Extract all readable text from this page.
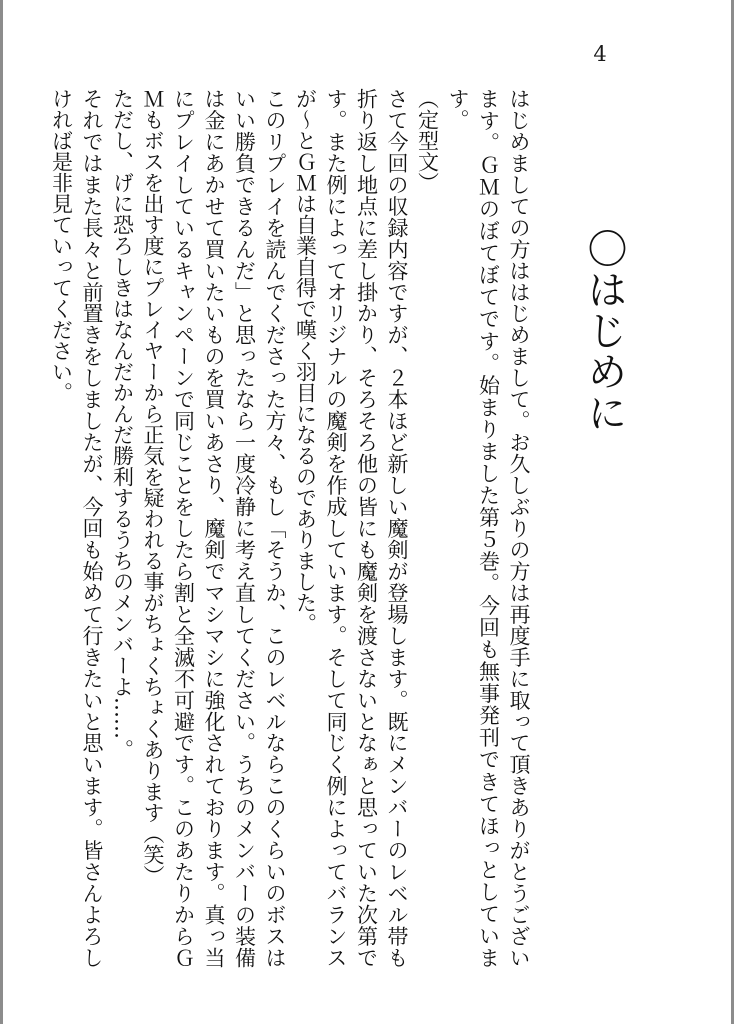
4
〇はじめに

はじめましての方ははじめまして。お久しぶりの方は再度手に取って頂きありがとうございます。ＧＭのぼてぼてです。始まりました第５巻。今回も無事発刊できてほっとしています。

（定型文）

さて今回の収録内容ですが、２本ほど新しい魔剣が登場します。既にメンバーのレベル帯も折り返し地点に差し掛かり、そろそろ他の皆にも魔剣を渡さないとなぁと思っていた次第です。また例によってオリジナルの魔剣を作成しています。そして同じく例によってバランスが～とＧＭは自業自得で嘆く羽目になるのでありました。

このリプレイを読んでくださった方々、もし「そうか、このレベルならこのくらいのボスはいい勝負できるんだ」と思ったなら一度冷静に考え直してください。うちのメンバーの装備は金にあかせて買いたいものを買いあさり、魔剣でマシマシに強化されております。真っ当にプレイしているキャンペーンで同じことをしたら割と全滅不可避です。このあたりからＧＭもボスを出す度にプレイヤーから正気を疑われる事がちょくちょくあります（笑）

ただし、げに恐ろしきはなんだかんだ勝利するうちのメンバーよ……。

それではまた長々と前置きをしましたが、今回も始めて行きたいと思います。皆さんよろしければ是非見ていってください。
